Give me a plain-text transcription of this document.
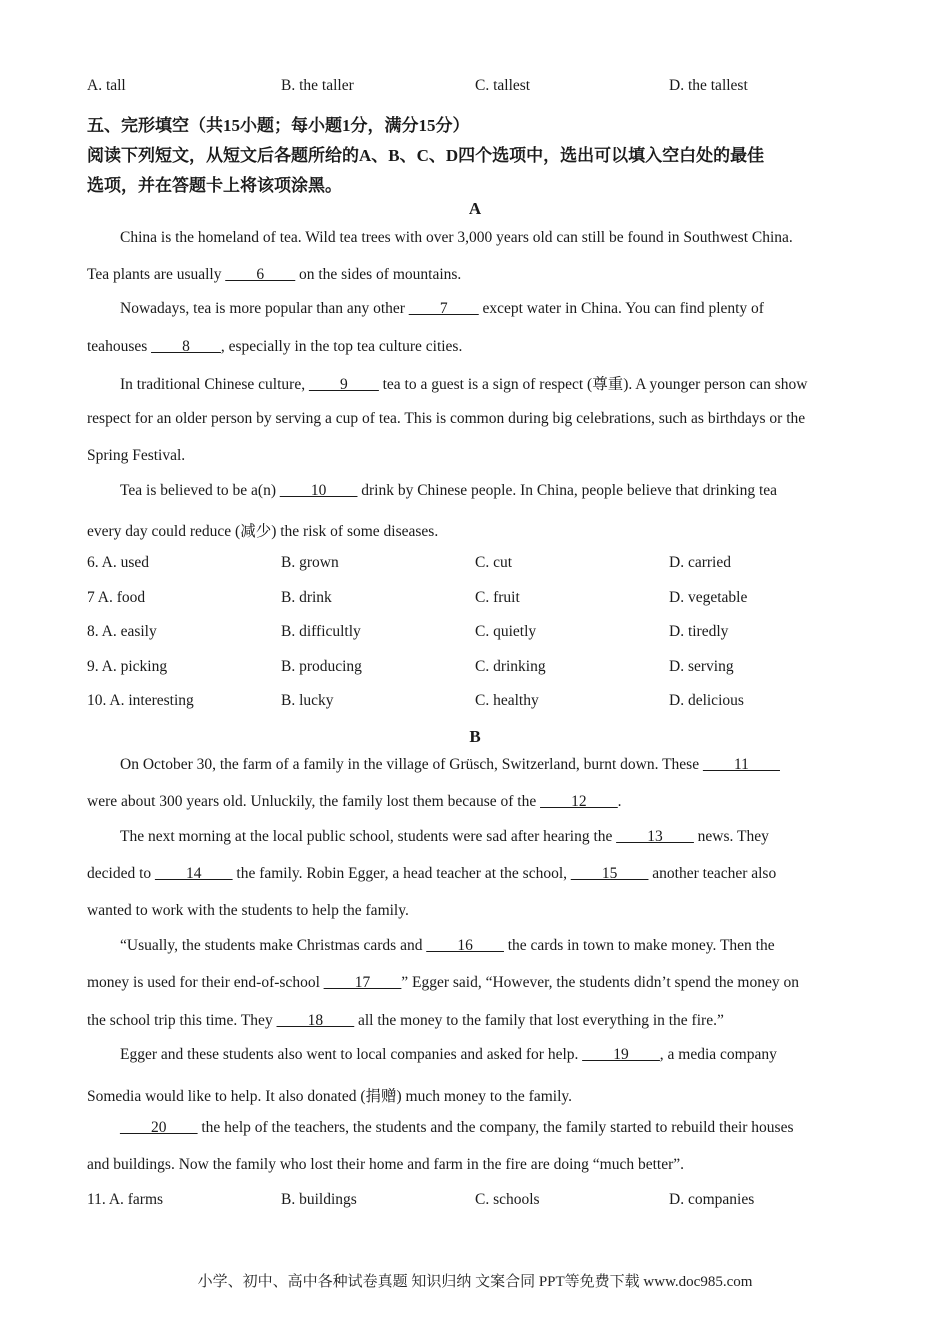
A. tall	B. the taller	C. tallest	D. the tallest
五、完形填空（共15小题；每小题1分，满分15分）
阅读下列短文，从短文后各题所给的A、B、C、D四个选项中，选出可以填入空白处的最佳
选项，并在答题卡上将该项涂黑。
A
China is the homeland of tea. Wild tea trees with over 3,000 years old can still be found in Southwest China.
Tea plants are usually ____6____ on the sides of mountains.
Nowadays, tea is more popular than any other ____7____ except water in China. You can find plenty of
teahouses ____8____, especially in the top tea culture cities.
In traditional Chinese culture, ____9____ tea to a guest is a sign of respect (尊重). A younger person can show
respect for an older person by serving a cup of tea. This is common during big celebrations, such as birthdays or the
Spring Festival.
Tea is believed to be a(n) ____10____ drink by Chinese people. In China, people believe that drinking tea
every day could reduce (减少) the risk of some diseases.
6. A. used	B. grown	C. cut	D. carried
7 A. food	B. drink	C. fruit	D. vegetable
8. A. easily	B. difficultly	C. quietly	D. tiredly
9. A. picking	B. producing	C. drinking	D. serving
10. A. interesting	B. lucky	C. healthy	D. delicious
B
On October 30, the farm of a family in the village of Grüsch, Switzerland, burnt down. These ____11____
were about 300 years old. Unluckily, the family lost them because of the ____12____.
The next morning at the local public school, students were sad after hearing the ____13____ news. They
decided to ____14____ the family. Robin Egger, a head teacher at the school, ____15____ another teacher also
wanted to work with the students to help the family.
“Usually, the students make Christmas cards and ____16____ the cards in town to make money. Then the
money is used for their end-of-school ____17____” Egger said, “However, the students didn’t spend the money on
the school trip this time. They ____18____ all the money to the family that lost everything in the fire.”
Egger and these students also went to local companies and asked for help. ____19____, a media company
Somedia would like to help. It also donated (捐赠) much money to the family.
____20____ the help of the teachers, the students and the company, the family started to rebuild their houses
and buildings. Now the family who lost their home and farm in the fire are doing “much better”.
11. A. farms	B. buildings	C. schools	D. companies
小学、初中、高中各种试卷真题 知识归纳 文案合同 PPT等免费下载 www.doc985.com
